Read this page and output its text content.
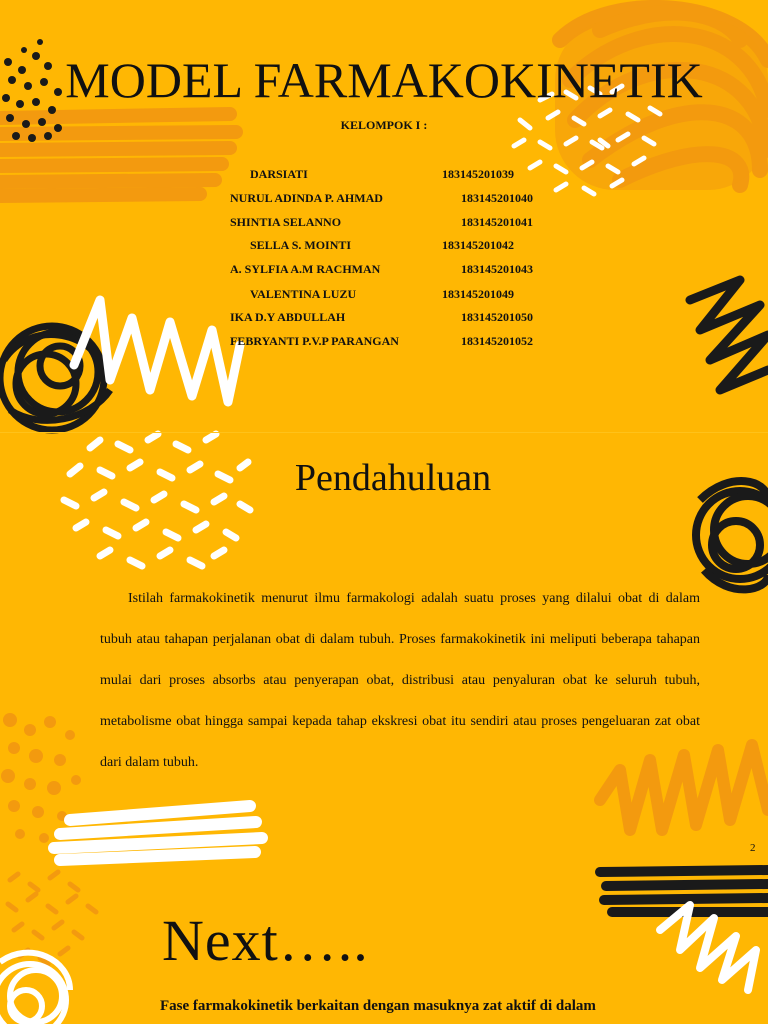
MODEL FARMAKOKINETIK
KELOMPOK I :
DARSIATI	183145201039
NURUL ADINDA P. AHMAD	183145201040
SHINTIA SELANNO	183145201041
SELLA S. MOINTI	183145201042
A. SYLFIA A.M RACHMAN	183145201043
VALENTINA LUZU	183145201049
IKA D.Y ABDULLAH	183145201050
FEBRYANTI P.V.P PARANGAN	183145201052
Pendahuluan

Istilah farmakokinetik menurut ilmu farmakologi adalah suatu proses yang dilalui obat di dalam tubuh atau tahapan perjalanan obat di dalam tubuh. Proses farmakokinetik ini meliputi beberapa tahapan mulai dari proses absorbs atau penyerapan obat, distribusi atau penyaluran obat ke seluruh tubuh, metabolisme obat hingga sampai kepada tahap ekskresi obat itu sendiri atau proses pengeluaran zat obat dari dalam tubuh.

2
Next…..

Fase farmakokinetik berkaitan dengan masuknya zat aktif di dalam
